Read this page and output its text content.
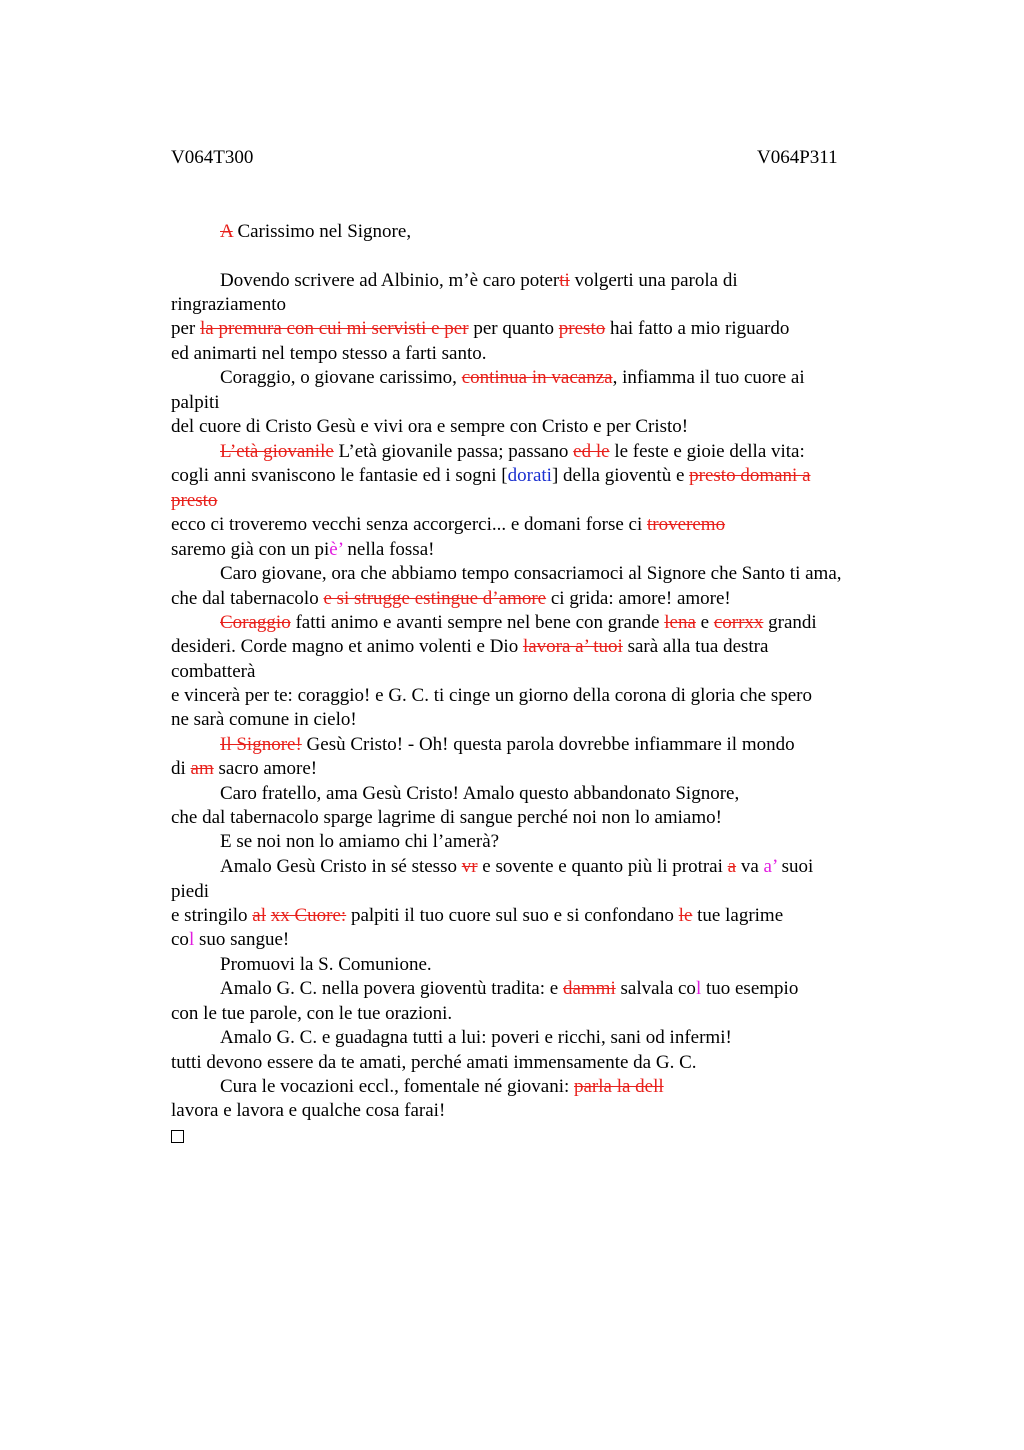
V064T300	V064P311
A Carissimo nel Signore,
Dovendo scrivere ad Albinio, m’è caro poterti volgerti una parola di
ringraziamento
per la premura con cui mi servisti e per per quanto presto hai fatto a mio riguardo
ed animarti nel tempo stesso a farti santo.
Coraggio, o giovane carissimo, continua in vacanza, infiamma il tuo cuore ai
palpiti
del cuore di Cristo Gesù e vivi ora e sempre con Cristo e per Cristo!
L’età giovanile L’età giovanile passa; passano ed le le feste e gioie della vita:
cogli anni svaniscono le fantasie ed i sogni [dorati] della gioventù e presto domani a
presto
ecco ci troveremo vecchi senza accorgerci... e domani forse ci troveremo
saremo già con un piè’ nella fossa!
Caro giovane, ora che abbiamo tempo consacriamoci al Signore che Santo ti ama,
che dal tabernacolo e si strugge estingue d’amore ci grida: amore! amore!
Coraggio fatti animo e avanti sempre nel bene con grande lena e corrxx grandi
desideri. Corde magno et animo volenti e Dio lavora a’ tuoi sarà alla tua destra
combatterà
e vincerà per te: coraggio! e G. C. ti cinge un giorno della corona di gloria che spero
ne sarà comune in cielo!
Il Signore! Gesù Cristo! - Oh! questa parola dovrebbe infiammare il mondo
di am sacro amore!
Caro fratello, ama Gesù Cristo! Amalo questo abbandonato Signore,
che dal tabernacolo sparge lagrime di sangue perché noi non lo amiamo!
E se noi non lo amiamo chi l’amerà?
Amalo Gesù Cristo in sé stesso vr e sovente e quanto più li protrai a va a’ suoi
piedi
e stringilo al xx Cuore: palpiti il tuo cuore sul suo e si confondano le tue lagrime
col suo sangue!
Promuovi la S. Comunione.
Amalo G. C. nella povera gioventù tradita: e dammi salvala col tuo esempio
con le tue parole, con le tue orazioni.
Amalo G. C. e guadagna tutti a lui: poveri e ricchi, sani od infermi!
tutti devono essere da te amati, perché amati immensamente da G. C.
Cura le vocazioni eccl., fomentale né giovani: parla la dell
lavora e lavora e qualche cosa farai!
